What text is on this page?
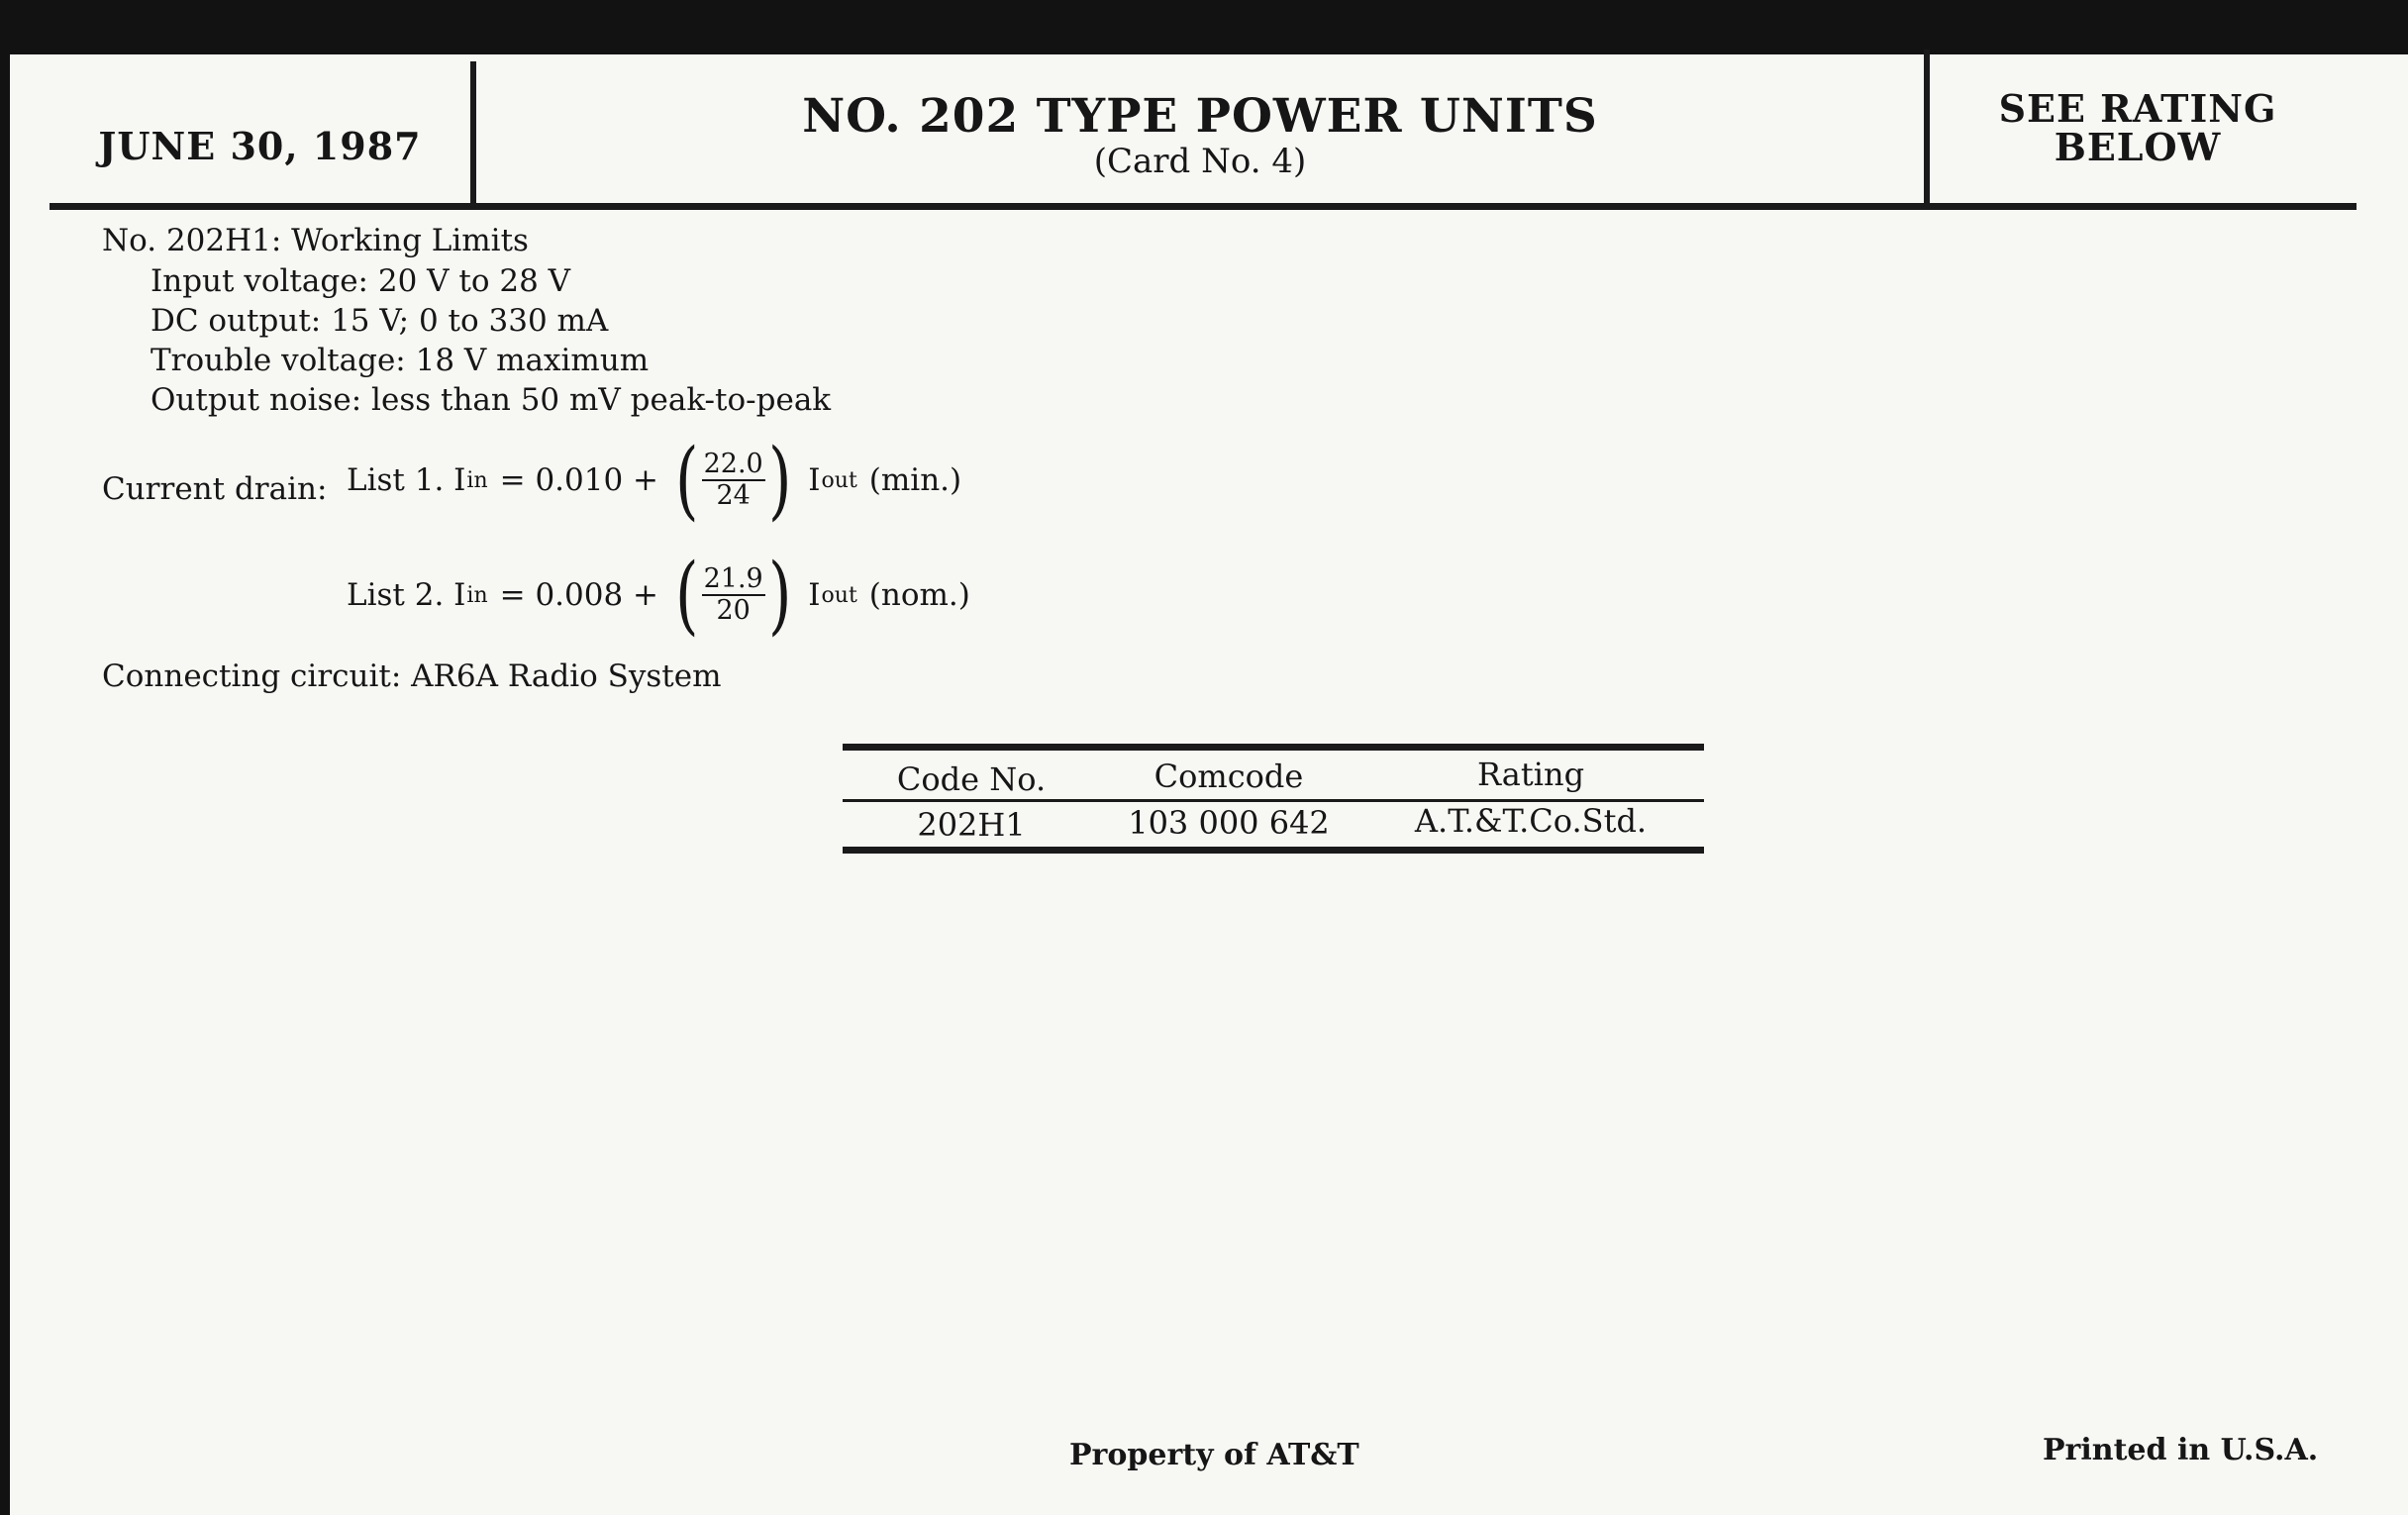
JUNE 30, 1987
NO. 202 TYPE POWER UNITS
(Card No. 4)
SEE RATING
BELOW
No. 202H1: Working Limits
Input voltage: 20 V to 28 V
DC output: 15 V; 0 to 330 mA
Trouble voltage: 18 V maximum
Output noise: less than 50 mV peak-to-peak
Current drain: List 1. I in = 0.010 + ( $\frac{22.0}{24}$ ) I out (min.)
List 2. I in = 0.008 + ( $\frac{21.9}{20}$ ) I out (nom.)
Connecting circuit: AR6A Radio System
Code No.	Comcode	Rating
202H1	103 000 642	A.T.&T.Co.Std.
Property of AT&T	Printed in U.S.A.
